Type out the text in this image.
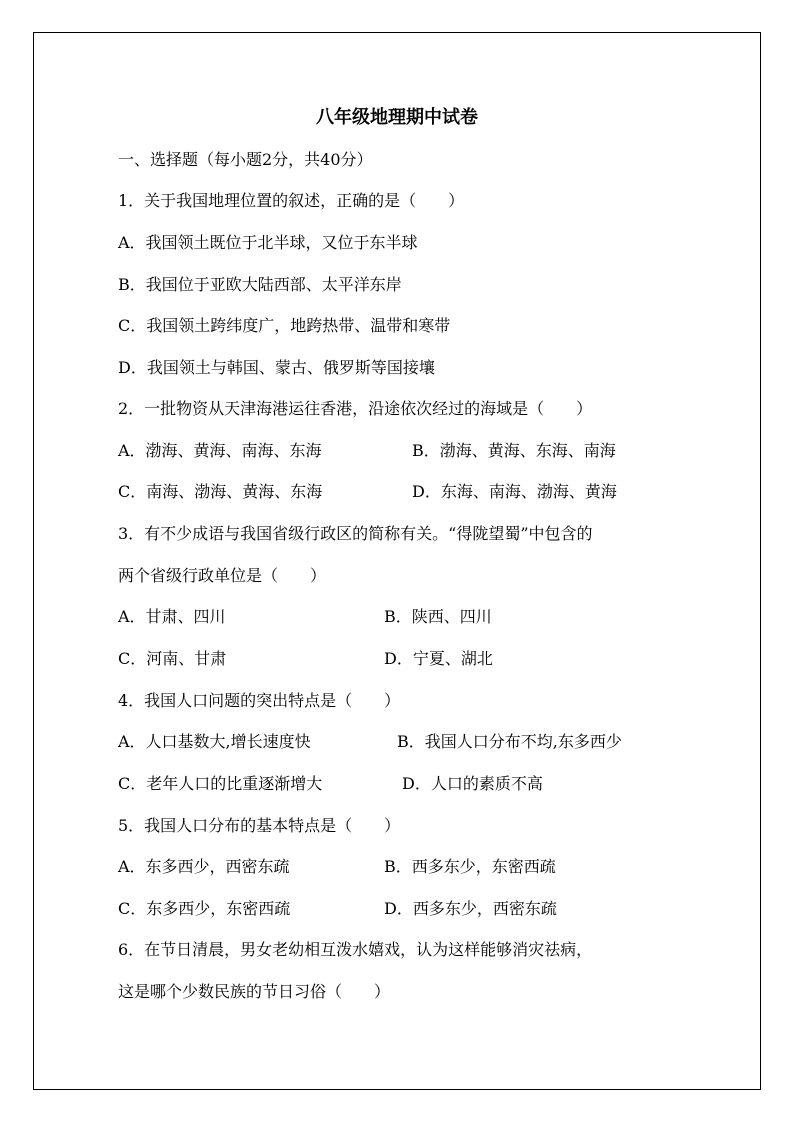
八年级地理期中试卷
一、选择题（每小题2分，共40分）
1．关于我国地理位置的叙述，正确的是（　　）
A．我国领土既位于北半球，又位于东半球
B．我国位于亚欧大陆西部、太平洋东岸
C．我国领土跨纬度广，地跨热带、温带和寒带
D．我国领土与韩国、蒙古、俄罗斯等国接壤
2．一批物资从天津海港运往香港，沿途依次经过的海域是（　　）
A．渤海、黄海、南海、东海	B．渤海、黄海、东海、南海
C．南海、渤海、黄海、东海	D．东海、南海、渤海、黄海
3．有不少成语与我国省级行政区的简称有关。“得陇望蜀”中包含的
两个省级行政单位是（　　）
A．甘肃、四川	B．陕西、四川
C．河南、甘肃	D．宁夏、湖北
4．我国人口问题的突出特点是（　　）
A．人口基数大,增长速度快	B．我国人口分布不均,东多西少
C．老年人口的比重逐渐增大	D．人口的素质不高
5．我国人口分布的基本特点是（　　）
A．东多西少，西密东疏	B．西多东少，东密西疏
C．东多西少，东密西疏	D．西多东少，西密东疏
6．在节日清晨，男女老幼相互泼水嬉戏，认为这样能够消灾祛病，
这是哪个少数民族的节日习俗（　　）
